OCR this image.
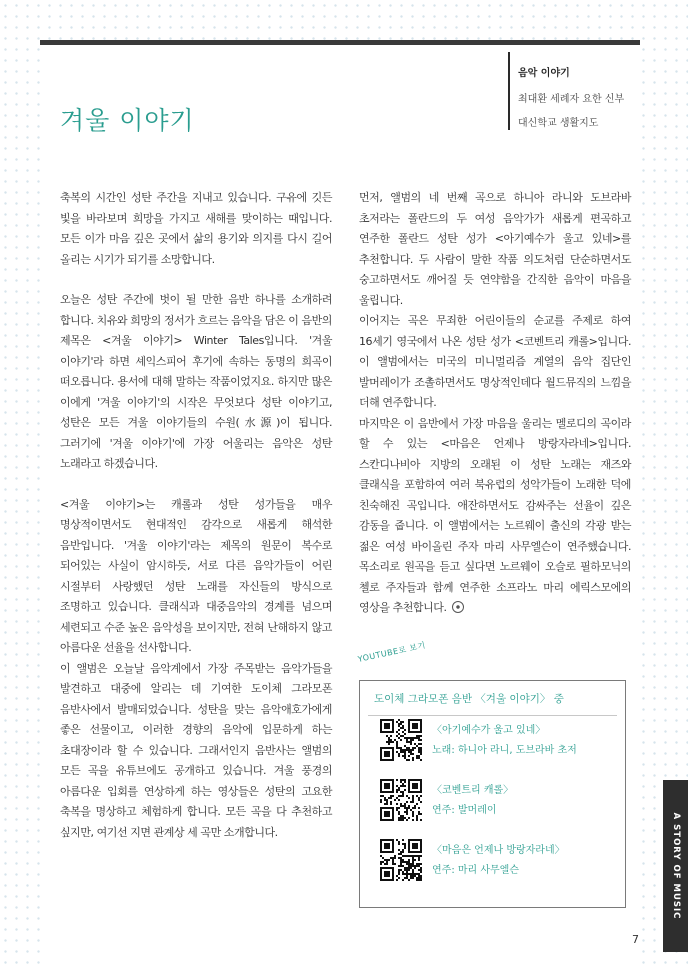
겨울 이야기
음악 이야기
최대환 세례자 요한 신부
대신학교 생활지도

축복의 시간인 성탄 주간을 지내고 있습니다. 구유에 깃든 빛을 바라보며 희망을 가지고 새해를 맞이하는 때입니다. 모든 이가 마음 깊은 곳에서 삶의 용기와 의지를 다시 길어 올리는 시기가 되기를 소망합니다.

오늘은 성탄 주간에 벗이 될 만한 음반 하나를 소개하려 합니다. 치유와 희망의 정서가 흐르는 음악을 담은 이 음반의 제목은 <겨울 이야기> Winter Tales입니다. '겨울 이야기'라 하면 셰익스피어 후기에 속하는 동명의 희곡이 떠오릅니다. 용서에 대해 말하는 작품이었지요. 하지만 많은 이에게 '겨울 이야기'의 시작은 무엇보다 성탄 이야기고, 성탄은 모든 겨울 이야기들의 수원(水源)이 됩니다. 그러기에 '겨울 이야기'에 가장 어울리는 음악은 성탄 노래라고 하겠습니다.

<겨울 이야기>는 캐롤과 성탄 성가들을 매우 명상적이면서도 현대적인 감각으로 새롭게 해석한 음반입니다. '겨울 이야기'라는 제목의 원문이 복수로 되어있는 사실이 암시하듯, 서로 다른 음악가들이 어린 시절부터 사랑했던 성탄 노래를 자신들의 방식으로 조명하고 있습니다. 클래식과 대중음악의 경계를 넘으며 세련되고 수준 높은 음악성을 보이지만, 전혀 난해하지 않고 아름다운 선율을 선사합니다.

이 앨범은 오늘날 음악계에서 가장 주목받는 음악가들을 발견하고 대중에 알리는 데 기여한 도이체 그라모폰 음반사에서 발매되었습니다. 성탄을 맞는 음악애호가에게 좋은 선물이고, 이러한 경향의 음악에 입문하게 하는 초대장이라 할 수 있습니다. 그래서인지 음반사는 앨범의 모든 곡을 유튜브에도 공개하고 있습니다. 겨울 풍경의 아름다운 입회를 연상하게 하는 영상들은 성탄의 고요한 축복을 명상하고 체험하게 합니다. 모든 곡을 다 추천하고 싶지만, 여기선 지면 관계상 세 곡만 소개합니다.

먼저, 앨범의 네 번째 곡으로 하니아 라니와 도브라바 초저라는 폴란드의 두 여성 음악가가 새롭게 편곡하고 연주한 폴란드 성탄 성가 <아기예수가 울고 있네>를 추천합니다. 두 사람이 말한 작품 의도처럼 단순하면서도 숭고하면서도 깨어질 듯 연약함을 간직한 음악이 마음을 울립니다.

이어지는 곡은 무죄한 어린이들의 순교를 주제로 하여 16세기 영국에서 나온 성탄 성가 <코벤트리 캐롤>입니다. 이 앨범에서는 미국의 미니멀리즘 계열의 음악 집단인 발머레이가 조촐하면서도 명상적인데다 월드뮤직의 느낌을 더해 연주합니다.

마지막은 이 음반에서 가장 마음을 울리는 멜로디의 곡이라 할 수 있는 <마음은 언제나 방랑자라네>입니다. 스칸디나비아 지방의 오래된 이 성탄 노래는 재즈와 클래식을 포함하여 여러 북유럽의 성악가들이 노래한 덕에 친숙해진 곡입니다. 애잔하면서도 감싸주는 선율이 깊은 감동을 줍니다. 이 앨범에서는 노르웨이 출신의 각광 받는 젊은 여성 바이올린 주자 마리 사무엘슨이 연주했습니다. 목소리로 원곡을 듣고 싶다면 노르웨이 오슬로 필하모닉의 첼로 주자들과 함께 연주한 소프라노 마리 에릭스모에의 영상을 추천합니다.

YOUTUBE로 보기
도이체 그라모폰 음반 〈겨울 이야기〉 중
〈아기예수가 울고 있네〉
노래: 하니아 라니, 도브라바 초저
〈코벤트리 캐롤〉
연주: 발머레이
〈마음은 언제나 방랑자라네〉
연주: 마리 사무엘슨	A STORY OF MUSIC
7
